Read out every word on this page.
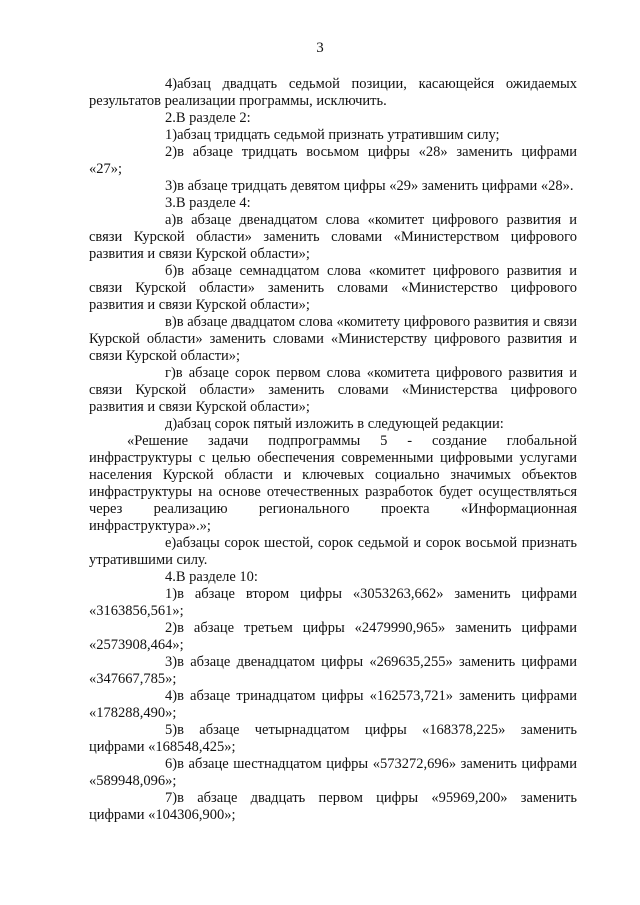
3

4)абзац двадцать седьмой позиции, касающейся ожидаемых результатов реализации программы, исключить.

2.В разделе 2:

1)абзац тридцать седьмой признать утратившим силу;

2)в абзаце тридцать восьмом цифры «28» заменить цифрами «27»;

3)в абзаце тридцать девятом цифры «29» заменить цифрами «28».

3.В разделе 4:

а)в абзаце двенадцатом слова «комитет цифрового развития и связи Курской области» заменить словами «Министерством цифрового развития и связи Курской области»;

б)в абзаце семнадцатом слова «комитет цифрового развития и связи Курской области» заменить словами «Министерство цифрового развития и связи Курской области»;

в)в абзаце двадцатом слова «комитету цифрового развития и связи Курской области» заменить словами «Министерству цифрового развития и связи Курской области»;

г)в абзаце сорок первом слова «комитета цифрового развития и связи Курской области» заменить словами «Министерства цифрового развития и связи Курской области»;

д)абзац сорок пятый изложить в следующей редакции:

«Решение задачи подпрограммы 5 - создание глобальной инфраструктуры с целью обеспечения современными цифровыми услугами населения Курской области и ключевых социально значимых объектов инфраструктуры на основе отечественных разработок будет осуществляться через реализацию регионального проекта «Информационная инфраструктура».»;

е)абзацы сорок шестой, сорок седьмой и сорок восьмой признать утратившими силу.

4.В разделе 10:

1)в абзаце втором цифры «3053263,662» заменить цифрами «3163856,561»;

2)в абзаце третьем цифры «2479990,965» заменить цифрами «2573908,464»;

3)в абзаце двенадцатом цифры «269635,255» заменить цифрами «347667,785»;

4)в абзаце тринадцатом цифры «162573,721» заменить цифрами «178288,490»;

5)в абзаце четырнадцатом цифры «168378,225» заменить цифрами «168548,425»;

6)в абзаце шестнадцатом цифры «573272,696» заменить цифрами «589948,096»;

7)в абзаце двадцать первом цифры «95969,200» заменить цифрами «104306,900»;
